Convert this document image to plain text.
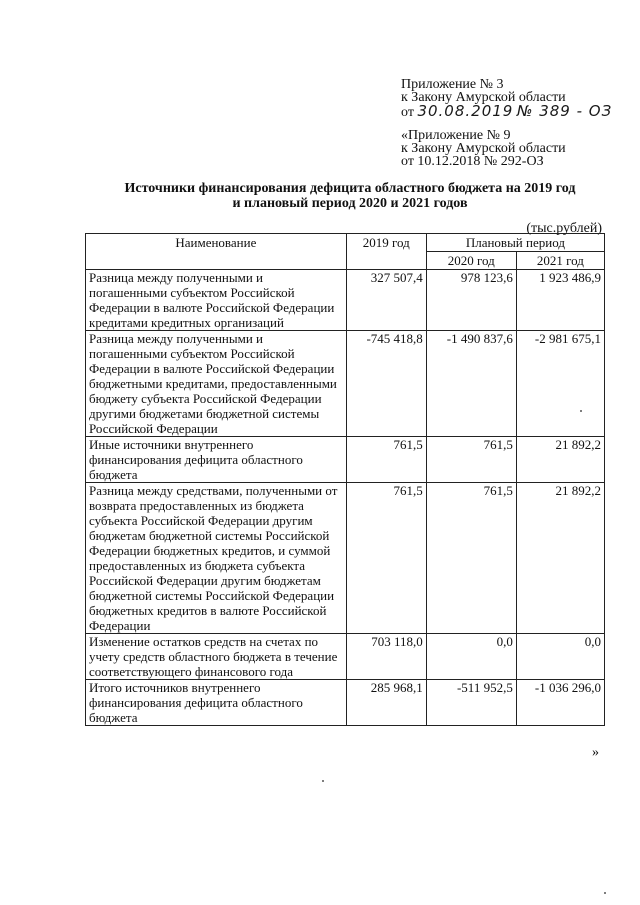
Приложение № 3
к Закону Амурской области
от 30.08.2019 № 389 - ОЗ
«Приложение № 9
к Закону Амурской области
от 10.12.2018 № 292-ОЗ
Источники финансирования дефицита областного бюджета на 2019 год
и плановый период 2020 и 2021 годов
(тыс.рублей)
Наименование	2019 год	Плановый период	
		2020 год	2021 год
Разница между полученными и погашенными субъектом Российской Федерации в валюте Российской Федерации кредитами кредитных организаций	327 507,4	978 123,6	1 923 486,9
Разница между полученными и погашенными субъектом Российской Федерации в валюте Российской Федерации бюджетными кредитами, предоставленными бюджету субъекта Российской Федерации другими бюджетами бюджетной системы Российской Федерации	-745 418,8	-1 490 837,6	-2 981 675,1
Иные источники внутреннего финансирования дефицита областного бюджета	761,5	761,5	21 892,2
Разница между средствами, полученными от возврата предоставленных из бюджета субъекта Российской Федерации другим бюджетам бюджетной системы Российской Федерации бюджетных кредитов, и суммой предоставленных из бюджета субъекта Российской Федерации другим бюджетам бюджетной системы Российской Федерации бюджетных кредитов в валюте Российской Федерации	761,5	761,5	21 892,2
Изменение остатков средств на счетах по учету средств областного бюджета в течение соответствующего финансового года	703 118,0	0,0	0,0
Итого источников внутреннего финансирования дефицита областного бюджета	285 968,1	-511 952,5	-1 036 296,0
»
